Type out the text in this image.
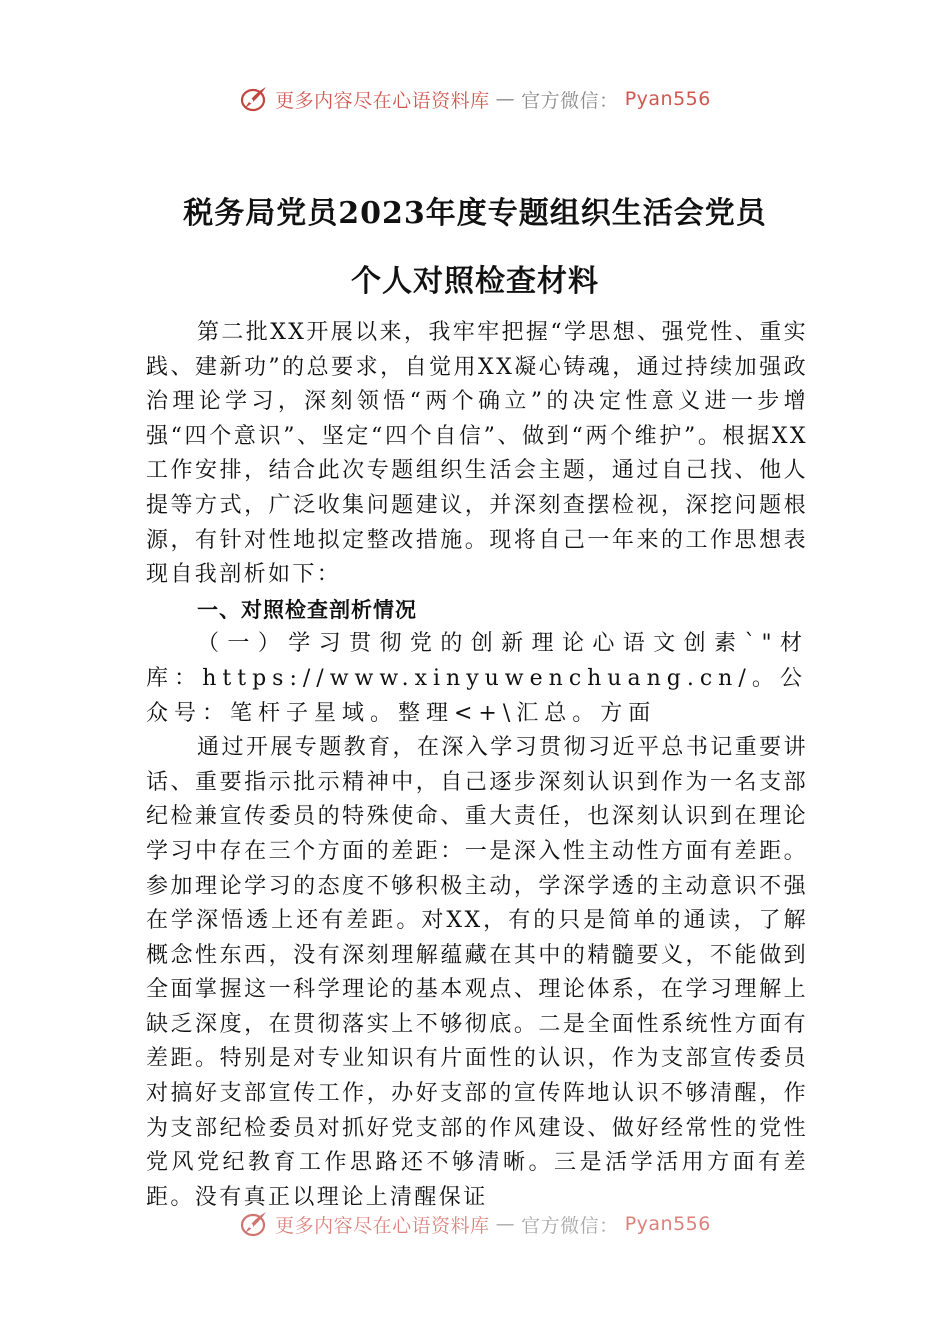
更多内容尽在心语资料库 — 官方微信： Pyan556
税务局党员2023年度专题组织生活会党员
个人对照检查材料

第二批XX开展以来，我牢牢把握“学思想、强党性、重实践、建新功”的总要求，自觉用XX凝心铸魂，通过持续加强政治理论学习，深刻领悟“两个确立”的决定性意义进一步增强“四个意识”、坚定“四个自信”、做到“两个维护”。根据XX工作安排，结合此次专题组织生活会主题，通过自己找、他人提等方式，广泛收集问题建议，并深刻查摆检视，深挖问题根源，有针对性地拟定整改措施。现将自己一年来的工作思想表现自我剖析如下：

一、对照检查剖析情况

（一）学习贯彻党的创新理论心语文创素`"材库：https://www.xinyuwenchuang.cn/。公众号：笔杆子星域。整理<+\汇总。方面

通过开展专题教育，在深入学习贯彻习近平总书记重要讲话、重要指示批示精神中，自己逐步深刻认识到作为一名支部纪检兼宣传委员的特殊使命、重大责任，也深刻认识到在理论学习中存在三个方面的差距：一是深入性主动性方面有差距。参加理论学习的态度不够积极主动，学深学透的主动意识不强在学深悟透上还有差距。对XX，有的只是简单的通读，了解概念性东西，没有深刻理解蕴藏在其中的精髓要义，不能做到全面掌握这一科学理论的基本观点、理论体系，在学习理解上缺乏深度，在贯彻落实上不够彻底。二是全面性系统性方面有差距。特别是对专业知识有片面性的认识，作为支部宣传委员对搞好支部宣传工作，办好支部的宣传阵地认识不够清醒，作为支部纪检委员对抓好党支部的作风建设、做好经常性的党性党风党纪教育工作思路还不够清晰。三是活学活用方面有差距。没有真正以理论上清醒保证

更多内容尽在心语资料库 — 官方微信： Pyan556
